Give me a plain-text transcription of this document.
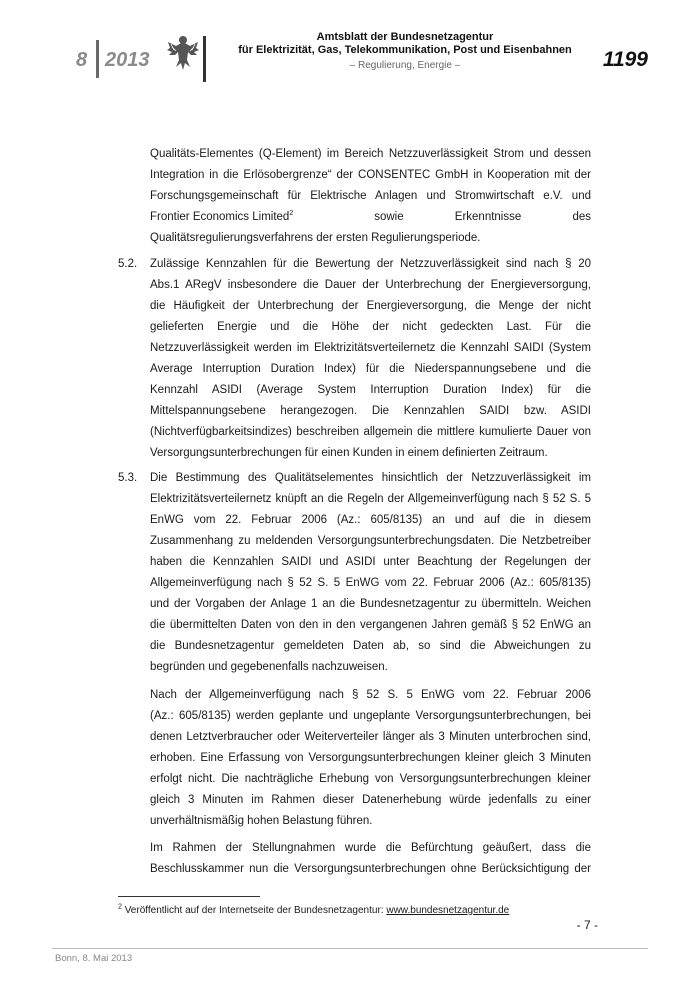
8 2013
Amtsblatt der Bundesnetzagentur
für Elektrizität, Gas, Telekommunikation, Post und Eisenbahnen
– Regulierung, Energie –	1199

Qualitäts-Elementes (Q-Element) im Bereich Netzzuverlässigkeit Strom und dessen

Integration in die Erlösobergrenze“ der CONSENTEC GmbH in Kooperation mit der

Forschungsgemeinschaft für Elektrische Anlagen und Stromwirtschaft e.V. und

Frontier Economics Limited$^2$	sowie Erkenntnisse des

Qualitätsregulierungsverfahrens der ersten Regulierungsperiode.

5.2. Zulässige Kennzahlen für die Bewertung der Netzzuverlässigkeit sind nach § 20

Abs.1 ARegV insbesondere die Dauer der Unterbrechung der Energieversorgung,

die Häufigkeit der Unterbrechung der Energieversorgung, die Menge der nicht

gelieferten Energie und die Höhe der nicht gedeckten Last. Für die

Netzzuverlässigkeit werden im Elektrizitätsverteilernetz die Kennzahl SAIDI (System

Average Interruption Duration Index) für die Niederspannungsebene und die

Kennzahl ASIDI (Average System Interruption Duration Index) für die

Mittelspannungsebene herangezogen. Die Kennzahlen SAIDI bzw. ASIDI

(Nichtverfügbarkeitsindizes) beschreiben allgemein die mittlere kumulierte Dauer von

Versorgungsunterbrechungen für einen Kunden in einem definierten Zeitraum.

5.3. Die Bestimmung des Qualitätselementes hinsichtlich der Netzzuverlässigkeit im

Elektrizitätsverteilernetz knüpft an die Regeln der Allgemeinverfügung nach § 52 S. 5

EnWG vom 22. Februar 2006 (Az.: 605/8135) an und auf die in diesem

Zusammenhang zu meldenden Versorgungsunterbrechungsdaten. Die Netzbetreiber

haben die Kennzahlen SAIDI und ASIDI unter Beachtung der Regelungen der

Allgemeinverfügung nach § 52 S. 5 EnWG vom 22. Februar 2006 (Az.: 605/8135)

und der Vorgaben der Anlage 1 an die Bundesnetzagentur zu übermitteln. Weichen

die übermittelten Daten von den in den vergangenen Jahren gemäß § 52 EnWG an

die Bundesnetzagentur gemeldeten Daten ab, so sind die Abweichungen zu

begründen und gegebenenfalls nachzuweisen.

Nach der Allgemeinverfügung nach § 52 S. 5 EnWG vom 22. Februar 2006

(Az.: 605/8135) werden geplante und ungeplante Versorgungsunterbrechungen, bei

denen Letztverbraucher oder Weiterverteiler länger als 3 Minuten unterbrochen sind,

erhoben. Eine Erfassung von Versorgungsunterbrechungen kleiner gleich 3 Minuten

erfolgt nicht. Die nachträgliche Erhebung von Versorgungsunterbrechungen kleiner

gleich 3 Minuten im Rahmen dieser Datenerhebung würde jedenfalls zu einer

unverhältnismäßig hohen Belastung führen.

Im Rahmen der Stellungnahmen wurde die Befürchtung geäußert, dass die

Beschlusskammer nun die Versorgungsunterbrechungen ohne Berücksichtigung der

$^2$ Veröffentlicht auf der Internetseite der Bundesnetzagentur: www.bundesnetzagentur.de
- 7 -
Bonn, 8. Mai 2013
